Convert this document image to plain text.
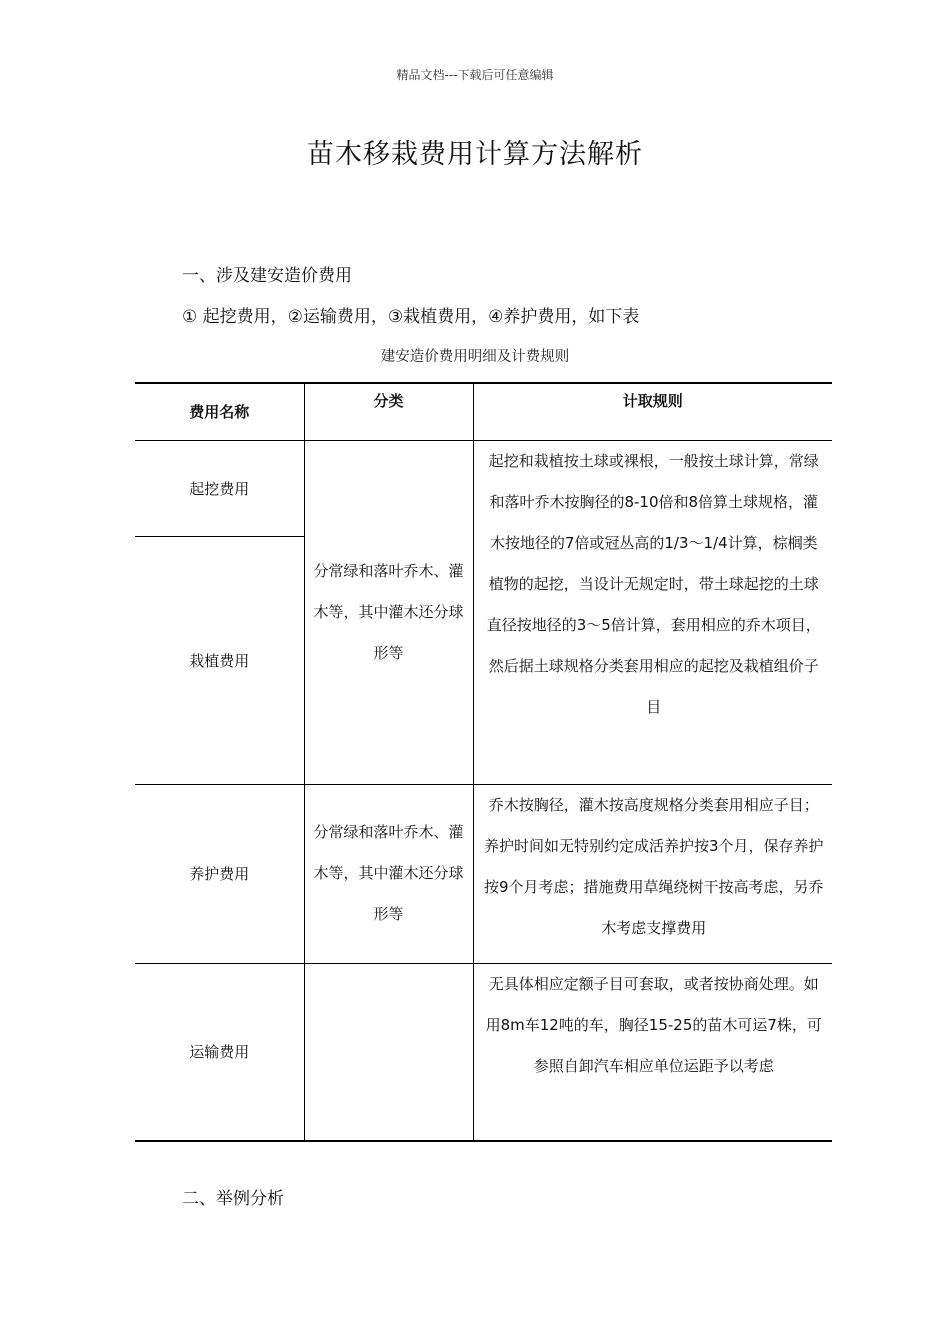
精品文档---下载后可任意编辑
苗木移栽费用计算方法解析
一、涉及建安造价费用
① 起挖费用，②运输费用，③栽植费用，④养护费用，如下表
建安造价费用明细及计费规则
费用名称	分类	计取规则
起挖费用	分常绿和落叶乔木、灌木等，其中灌木还分球形等	起挖和栽植按土球或裸根，一般按土球计算，常绿和落叶乔木按胸径的8-10倍和8倍算土球规格，灌木按地径的7倍或冠丛高的1/3～1/4计算，棕榈类植物的起挖，当设计无规定时，带土球起挖的土球直径按地径的3～5倍计算，套用相应的乔木项目，然后据土球规格分类套用相应的起挖及栽植组价子目
栽植费用		
养护费用	分常绿和落叶乔木、灌木等，其中灌木还分球形等	乔木按胸径，灌木按高度规格分类套用相应子目；养护时间如无特别约定成活养护按3个月，保存养护按9个月考虑；措施费用草绳绕树干按高考虑，另乔木考虑支撑费用
运输费用		无具体相应定额子目可套取，或者按协商处理。如用8m车12吨的车，胸径15-25的苗木可运7株，可参照自卸汽车相应单位运距予以考虑
二、举例分析
